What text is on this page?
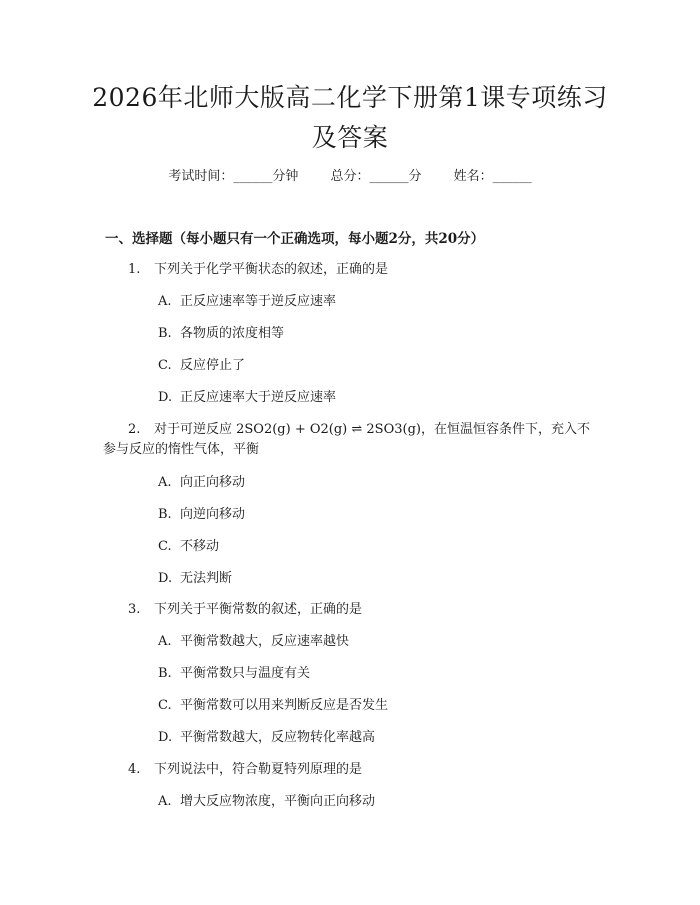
2026年北师大版高二化学下册第1课专项练习及答案
考试时间：______分钟 总分：______分 姓名：______
一、选择题（每小题只有一个正确选项，每小题2分，共20分）

1. 下列关于化学平衡状态的叙述，正确的是

A. 正反应速率等于逆反应速率
B. 各物质的浓度相等
C. 反应停止了
D. 正反应速率大于逆反应速率

2. 对于可逆反应 2SO2(g) + O2(g) ⇌ 2SO3(g)，在恒温恒容条件下，充入不参与反应的惰性气体，平衡

A. 向正向移动
B. 向逆向移动
C. 不移动
D. 无法判断

3. 下列关于平衡常数的叙述，正确的是

A. 平衡常数越大，反应速率越快
B. 平衡常数只与温度有关
C. 平衡常数可以用来判断反应是否发生
D. 平衡常数越大，反应物转化率越高

4. 下列说法中，符合勒夏特列原理的是

A. 增大反应物浓度，平衡向正向移动
